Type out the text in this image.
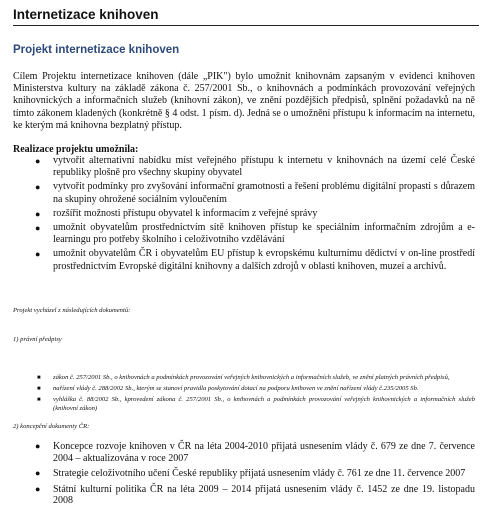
Internetizace knihoven
Projekt internetizace knihoven
Cílem Projektu internetizace knihoven (dále „PIK") bylo umožnit knihovnám zapsaným v evidenci knihoven Ministerstva kultury na základě zákona č. 257/2001 Sb., o knihovnách a podmínkách provozování veřejných knihovnických a informačních služeb (knihovní zákon), ve znění pozdějších předpisů, splnění požadavků na ně tímto zákonem kladených (konkrétně § 4 odst. 1 písm. d). Jedná se o umožnění přístupu k informacím na internetu, ke kterým má knihovna bezplatný přístup.
Realizace projektu umožnila:
● vytvořit alternativní nabídku míst veřejného přístupu k internetu v knihovnách na území celé České republiky plošně pro všechny skupiny obyvatel
● vytvořit podmínky pro zvyšování informační gramotnosti a řešení problému digitální propasti s důrazem na skupiny ohrožené sociálním vyloučením
● rozšířit možnosti přístupu obyvatel k informacím z veřejné správy
● umožnit obyvatelům prostřednictvím sítě knihoven přístup ke speciálním informačním zdrojům a e-learningu pro potřeby školního i celoživotního vzdělávání
● umožnit obyvatelům ČR i obyvatelům EU přístup k evropskému kulturnímu dědictví v on-line prostředí prostřednictvím Evropské digitální knihovny a dalších zdrojů v oblasti knihoven, muzeí a archivů.
Projekt vycházel z následujících dokumentů:
1) právní předpisy
■ zákon č. 257/2001 Sb., o knihovnách a podmínkách provozování veřejných knihovnických a informačních služeb, ve znění platných právních předpisů,
■ nařízení vlády č. 288/2002 Sb., kterým se stanoví pravidla poskytování dotací na podporu knihoven ve znění nařízení vlády č.235/2005 Sb.
■ vyhláška č. 88/2002 Sb., kprovedení zákona č. 257/2001 Sb., o knihovnách a podmínkách provozování veřejných knihovnických a informačních služeb (knihovní zákon)
2) koncepční dokumenty ČR:
● Koncepce rozvoje knihoven v ČR na léta 2004-2010 přijatá usnesením vlády č. 679 ze dne 7. července 2004 – aktualizována v roce 2007
● Strategie celoživotního učení České republiky přijatá usnesením vlády č. 761 ze dne 11. července 2007
● Státní kulturní politika ČR na léta 2009 – 2014 přijatá usnesením vlády č. 1452 ze dne 19. listopadu 2008
